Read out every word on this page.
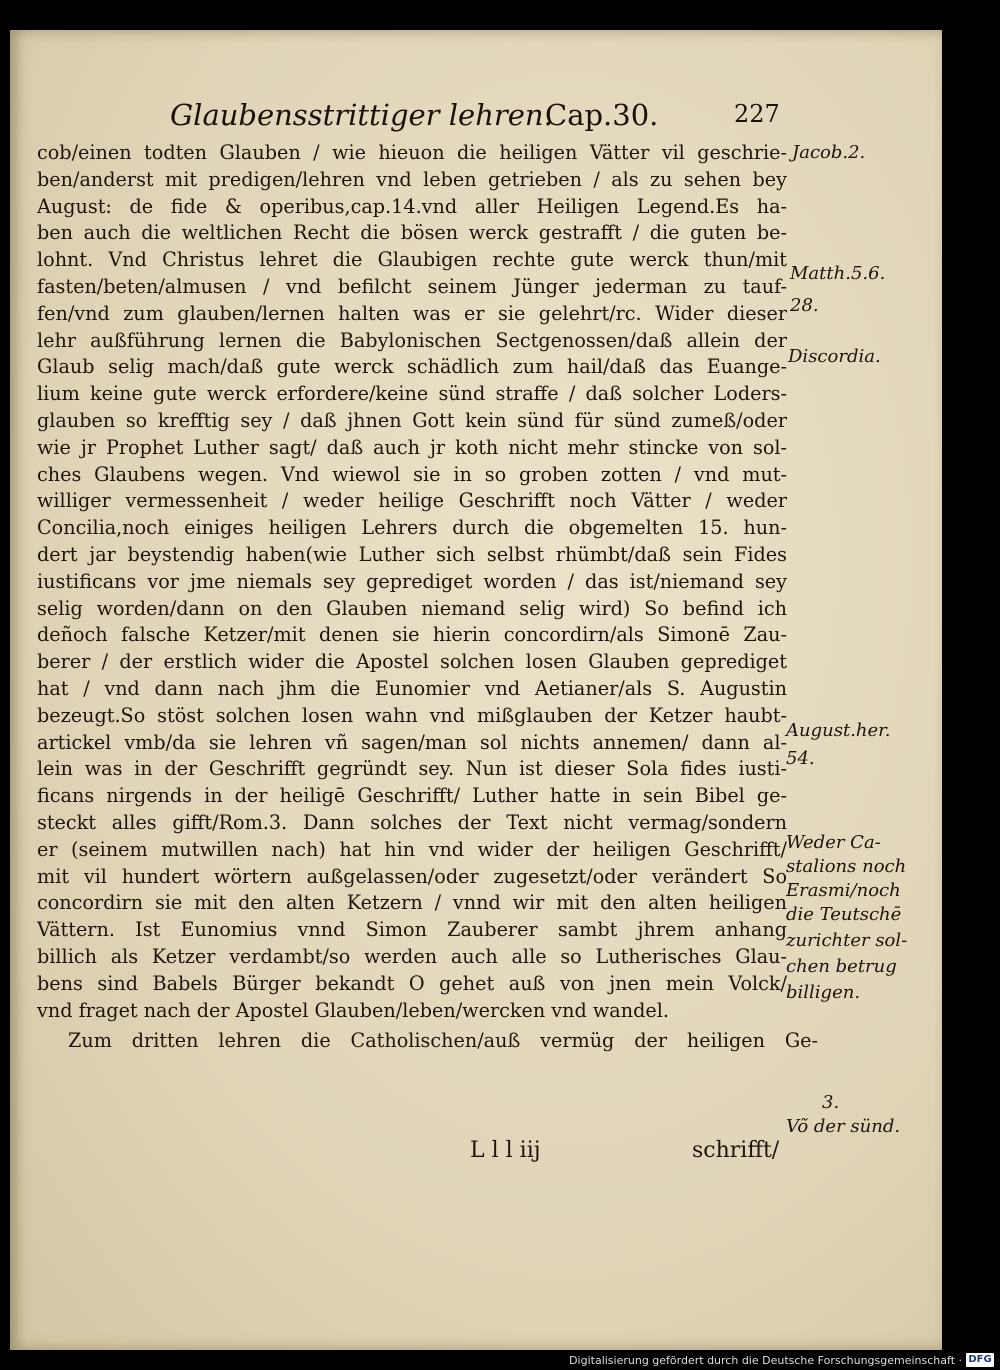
Glaubensstrittiger lehren.
Cap.30.	227
cob/einen todten Glauben / wie hieuon die heiligen Vätter vil geschrie-
ben/anderst mit predigen/lehren vnd leben getrieben / als zu sehen bey
August: de fide & operibus,cap.14.vnd aller Heiligen Legend.Es ha-
ben auch die weltlichen Recht die bösen werck gestrafft / die guten be-
lohnt. Vnd Christus lehret die Glaubigen rechte gute werck thun/mit
fasten/beten/almusen / vnd befilcht seinem Jünger jederman zu tauf-
fen/vnd zum glauben/lernen halten was er sie gelehrt/rc. Wider dieser
lehr außführung lernen die Babylonischen Sectgenossen/daß allein der
Glaub selig mach/daß gute werck schädlich zum hail/daß das Euange-
lium keine gute werck erfordere/keine sünd straffe / daß solcher Loders-
glauben so krefftig sey / daß jhnen Gott kein sünd für sünd zumeß/oder
wie jr Prophet Luther sagt/ daß auch jr koth nicht mehr stincke von sol-
ches Glaubens wegen. Vnd wiewol sie in so groben zotten / vnd mut-
williger vermessenheit / weder heilige Geschrifft noch Vätter / weder
Concilia,noch einiges heiligen Lehrers durch die obgemelten 15. hun-
dert jar beystendig haben(wie Luther sich selbst rhümbt/daß sein Fides
iustificans vor jme niemals sey geprediget worden / das ist/niemand sey
selig worden/dann on den Glauben niemand selig wird) So befind ich
deñoch falsche Ketzer/mit denen sie hierin concordirn/als Simonē Zau-
berer / der erstlich wider die Apostel solchen losen Glauben geprediget
hat / vnd dann nach jhm die Eunomier vnd Aetianer/als S. Augustin
bezeugt.So stöst solchen losen wahn vnd mißglauben der Ketzer haubt-
artickel vmb/da sie lehren vñ sagen/man sol nichts annemen/ dann al-
lein was in der Geschrifft gegründt sey. Nun ist dieser Sola fides iusti-
ficans nirgends in der heiligē Geschrifft/ Luther hatte in sein Bibel ge-
steckt alles gifft/Rom.3. Dann solches der Text nicht vermag/sondern
er (seinem mutwillen nach) hat hin vnd wider der heiligen Geschrifft/
mit vil hundert wörtern außgelassen/oder zugesetzt/oder verändert So
concordirn sie mit den alten Ketzern / vnnd wir mit den alten heiligen
Vättern. Ist Eunomius vnnd Simon Zauberer sambt jhrem anhang
billich als Ketzer verdambt/so werden auch alle so Lutherisches Glau-
bens sind Babels Bürger bekandt O gehet auß von jnen mein Volck/
vnd fraget nach der Apostel Glauben/leben/wercken vnd wandel.
Zum dritten lehren die Catholischen/auß vermüg der heiligen Ge-
Jacob.2.
Matth.5.6.
28.
Discordia.
August.her.
54.
Weder Ca-
stalions noch
Erasmi/noch
die Teutschē
zurichter sol-
chen betrug
billigen.
3.
Võ der sünd.
L l l iij	schrifft/
Digitalisierung gefördert durch die Deutsche Forschungsgemeinschaft · DFG
